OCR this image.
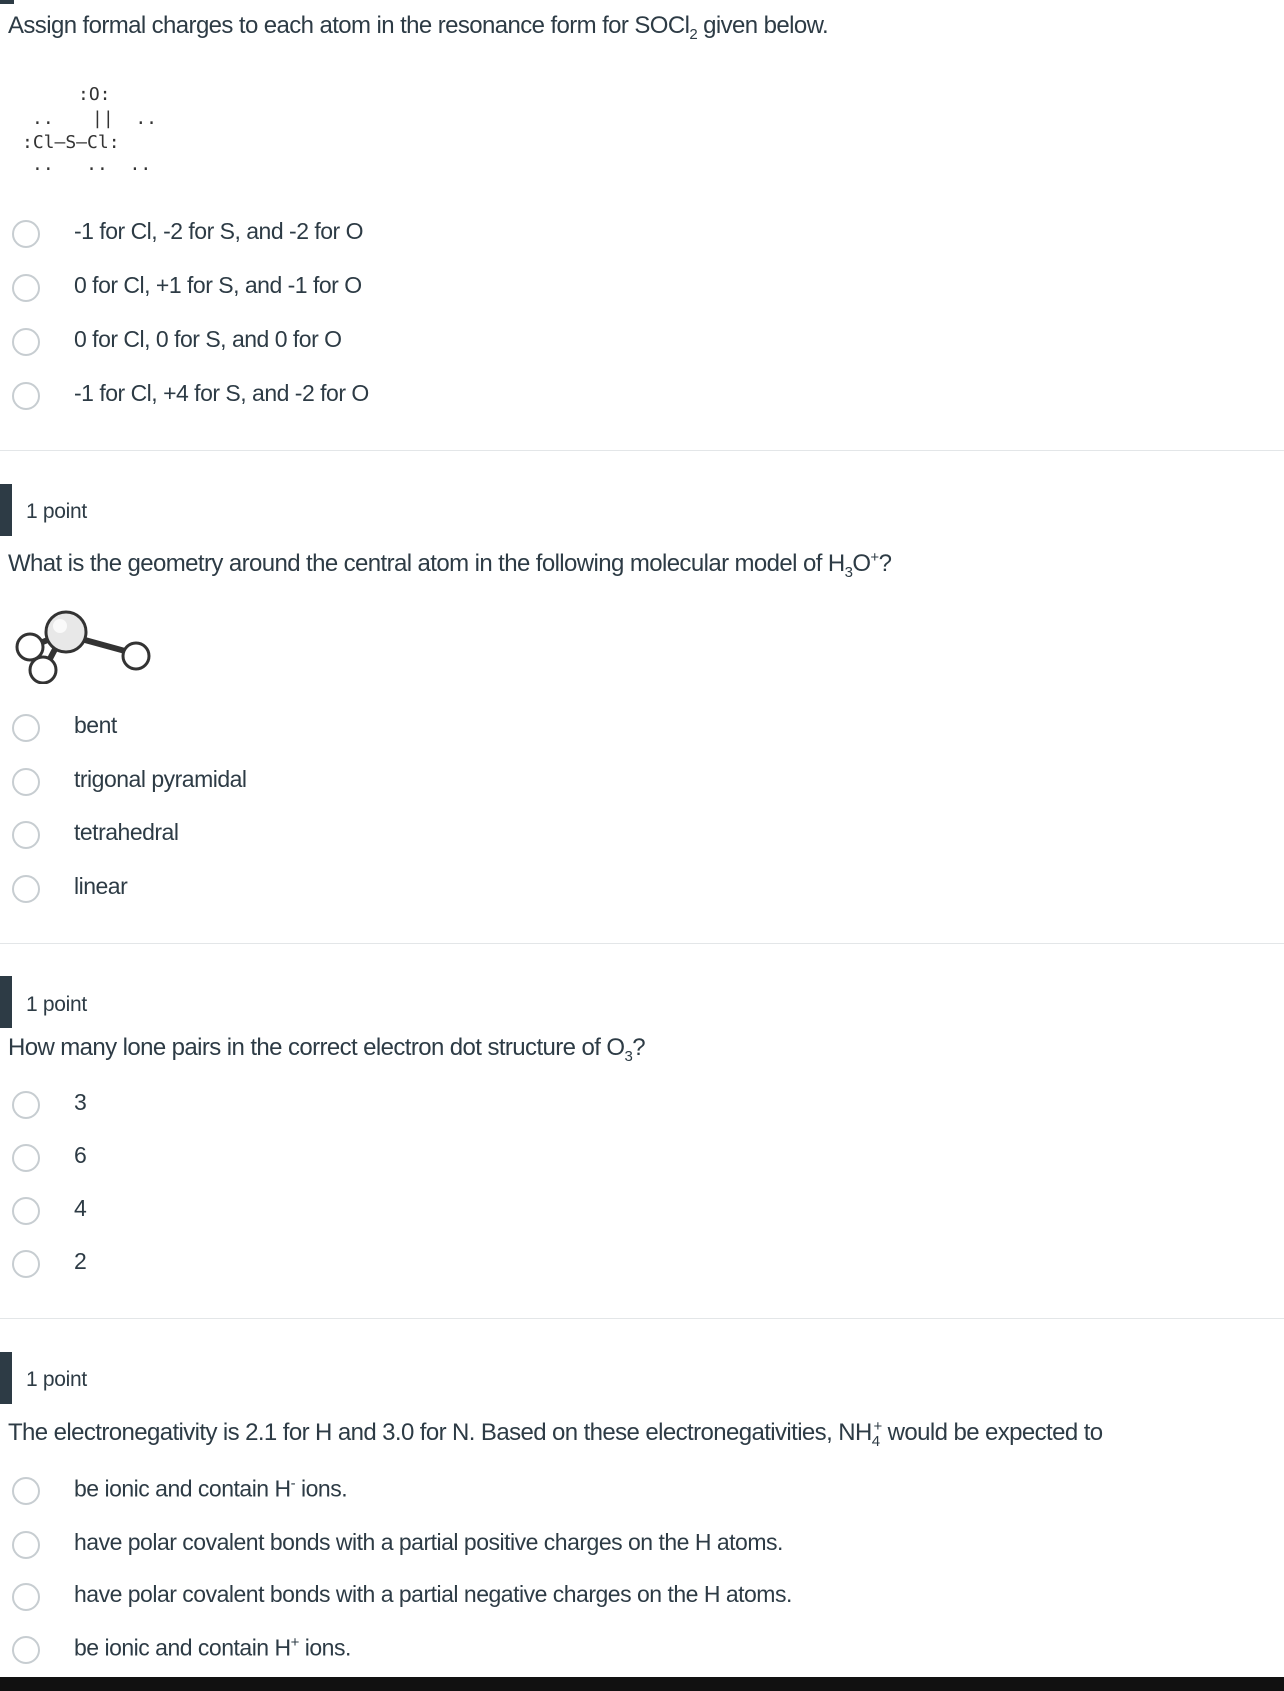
Assign formal charges to each atom in the resonance form for SOCl$_2$ given below.
:O:
.. ||  ..
:Cl—S—Cl:
..   ..  ..
-1 for Cl, -2 for S, and -2 for O
0 for Cl, +1 for S, and -1 for O
0 for Cl, 0 for S, and 0 for O
-1 for Cl, +4 for S, and -2 for O
1 point
What is the geometry around the central atom in the following molecular model of $H_3O^+$?
bent
trigonal pyramidal
tetrahedral
linear
1 point
How many lone pairs in the correct electron dot structure of $O_3$?
3
6
4
2
1 point
The electronegativity is 2.1 for H and 3.0 for N. Based on these electronegativities, $NH_4^+$ would be expected to
be ionic and contain H- ions.
have polar covalent bonds with a partial positive charges on the H atoms.
have polar covalent bonds with a partial negative charges on the H atoms.
be ionic and contain H+ ions.
